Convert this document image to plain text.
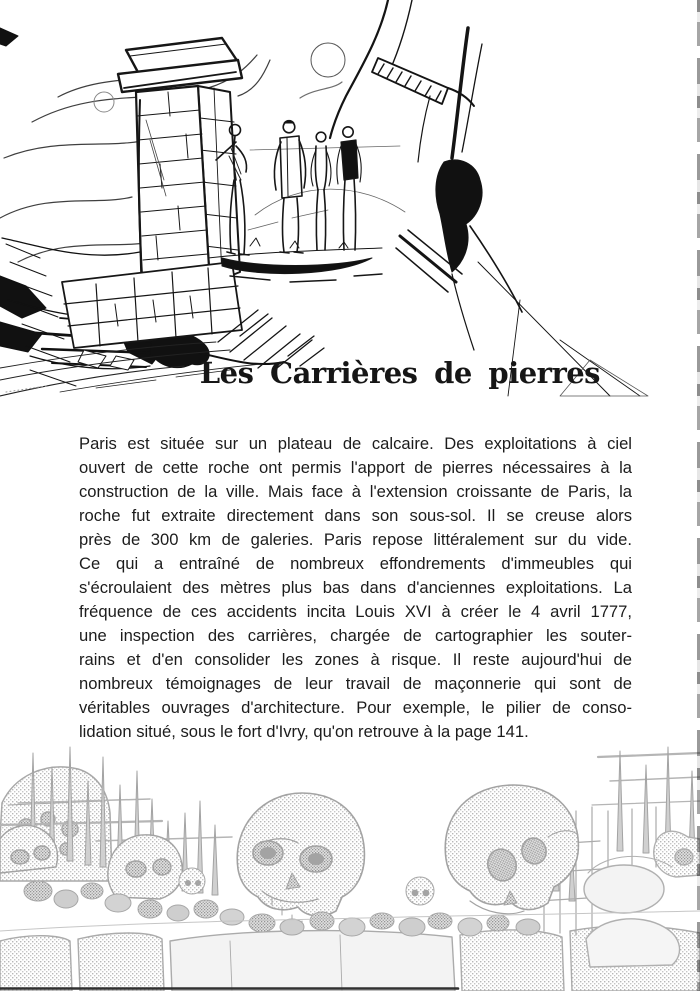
Les Carrières de pierres
Paris est située sur un plateau de calcaire. Des exploitations à ciel
ouvert de cette roche ont permis l'apport de pierres nécessaires à la
construction de la ville. Mais face à l'extension croissante de Paris, la
roche fut extraite directement dans son sous-sol. Il se creuse alors
près de 300 km de galeries. Paris repose littéralement sur du vide.
Ce qui a entraîné de nombreux effondrements d'immeubles qui
s'écroulaient des mètres plus bas dans d'anciennes exploitations. La
fréquence de ces accidents incita Louis XVI à créer le 4 avril 1777,
une inspection des carrières, chargée de cartographier les souter-
rains et d'en consolider les zones à risque. Il reste aujourd'hui de
nombreux témoignages de leur travail de maçonnerie qui sont de
véritables ouvrages d'architecture. Pour exemple, le pilier de conso-
lidation situé, sous le fort d'Ivry, qu'on retrouve à la page 141.
